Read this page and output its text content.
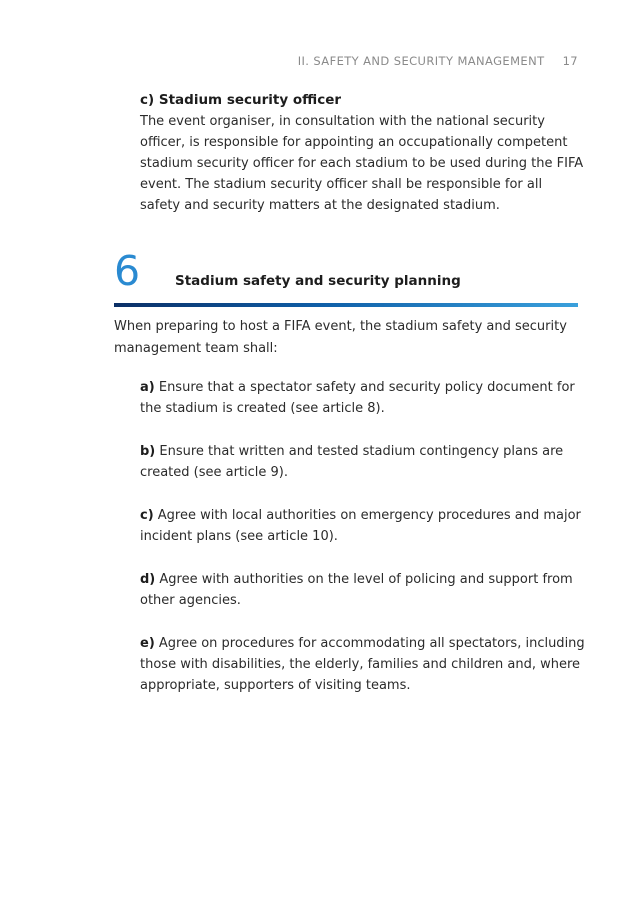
II. SAFETY AND SECURITY MANAGEMENT 17
c) Stadium security officer

The event organiser, in consultation with the national security officer, is responsible for appointing an occupationally competent stadium security officer for each stadium to be used during the FIFA event. The stadium security officer shall be responsible for all safety and security matters at the designated stadium.

6	Stadium safety and security planning

When preparing to host a FIFA event, the stadium safety and security management team shall:

a) Ensure that a spectator safety and security policy document for the stadium is created (see article 8).
b) Ensure that written and tested stadium contingency plans are created (see article 9).
c) Agree with local authorities on emergency procedures and major incident plans (see article 10).
d) Agree with authorities on the level of policing and support from other agencies.
e) Agree on procedures for accommodating all spectators, including those with disabilities, the elderly, families and children and, where appropriate, supporters of visiting teams.
